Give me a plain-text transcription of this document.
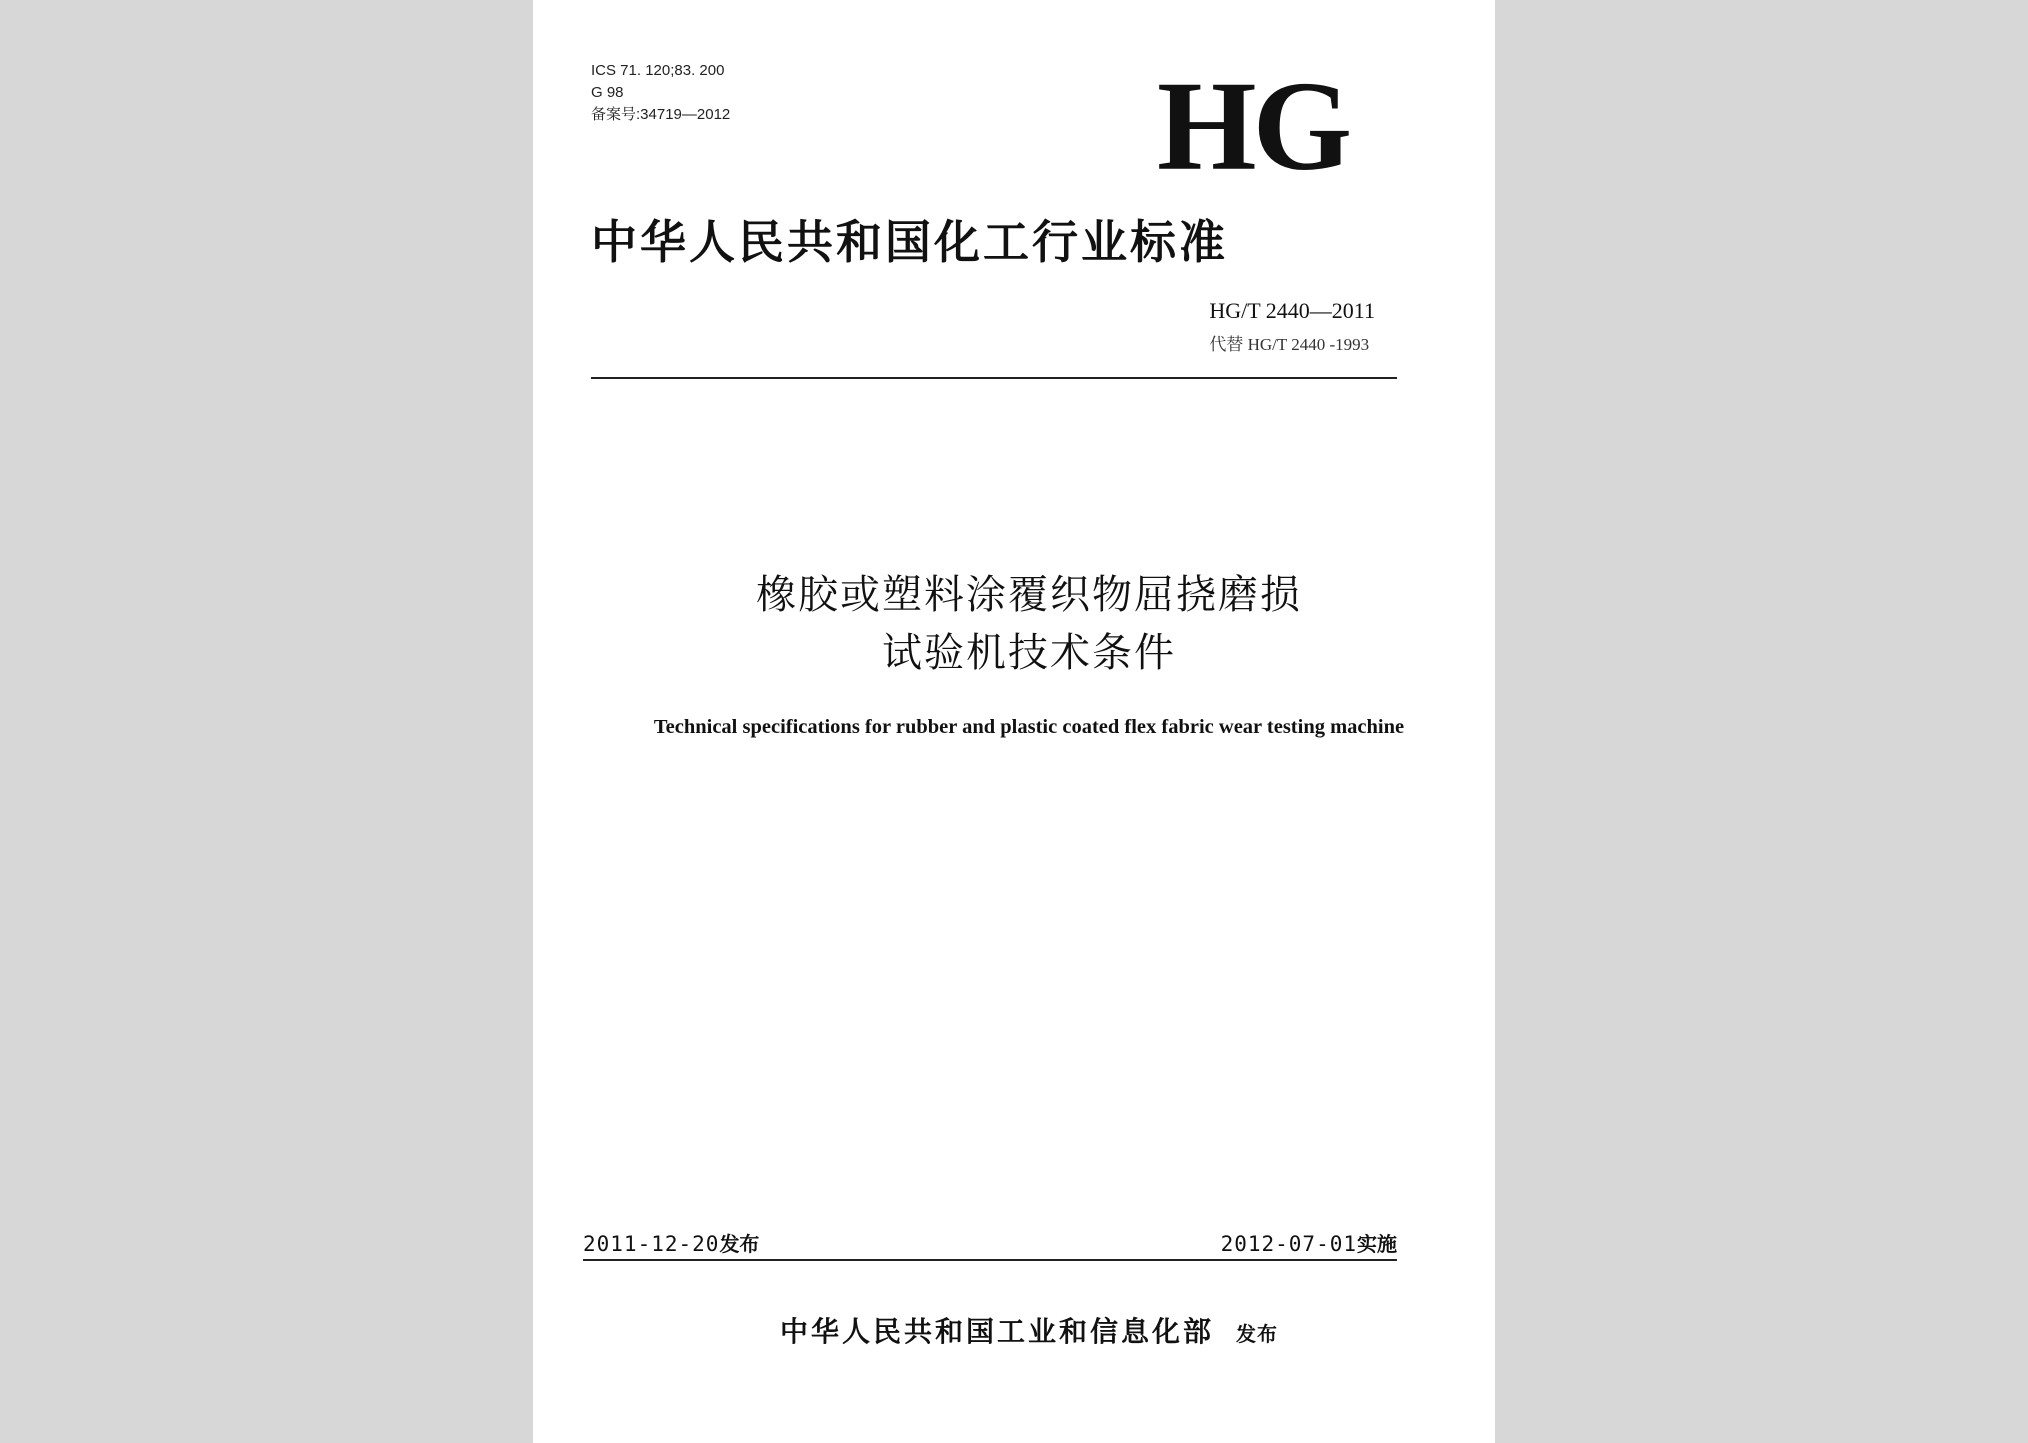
ICS 71. 120;83. 200
G 98
备案号:34719—2012	HG
中华人民共和国化工行业标准
HG/T 2440—2011
代替 HG/T 2440 -1993
橡胶或塑料涂覆织物屈挠磨损
试验机技术条件
Technical specifications for rubber and plastic coated flex fabric wear testing machine
2011-12-20发布	2012-07-01实施
中华人民共和国工业和信息化部 发布
